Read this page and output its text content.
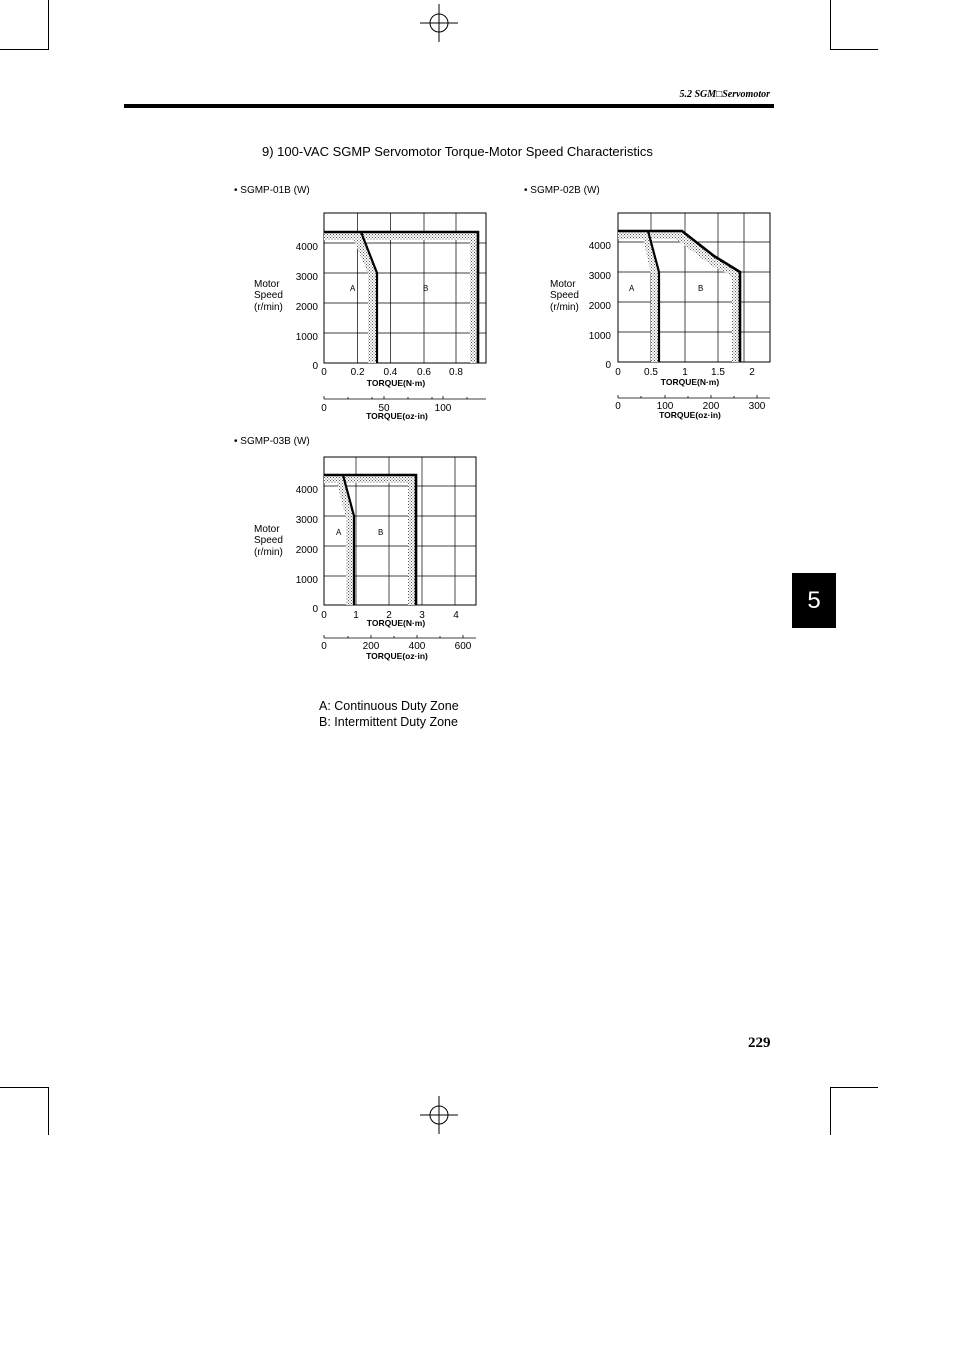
5.2 SGM□Servomotor
9) 100-VAC SGMP Servomotor Torque-Motor Speed Characteristics
• SGMP-01B (W)	• SGMP-02B (W)
• SGMP-03B (W)
A	B
0
1000
2000
3000
4000
Motor
Speed
(r/min)
0 0.2 0.4 0.6 0.8
TORQUE(N·m)
0	50	100
TORQUE(oz·in)
A	B
0
1000
2000
3000
4000
Motor
Speed
(r/min)
0 0.5 1 1.5 2
TORQUE(N·m)
0	100	200	300
TORQUE(oz·in)
A	B
0
1000
2000
3000
4000
Motor
Speed
(r/min)
0	1	2	3	4
TORQUE(N·m)
0	200	400	600
TORQUE(oz·in)
A: Continuous Duty Zone
B: Intermittent Duty Zone
5
229
